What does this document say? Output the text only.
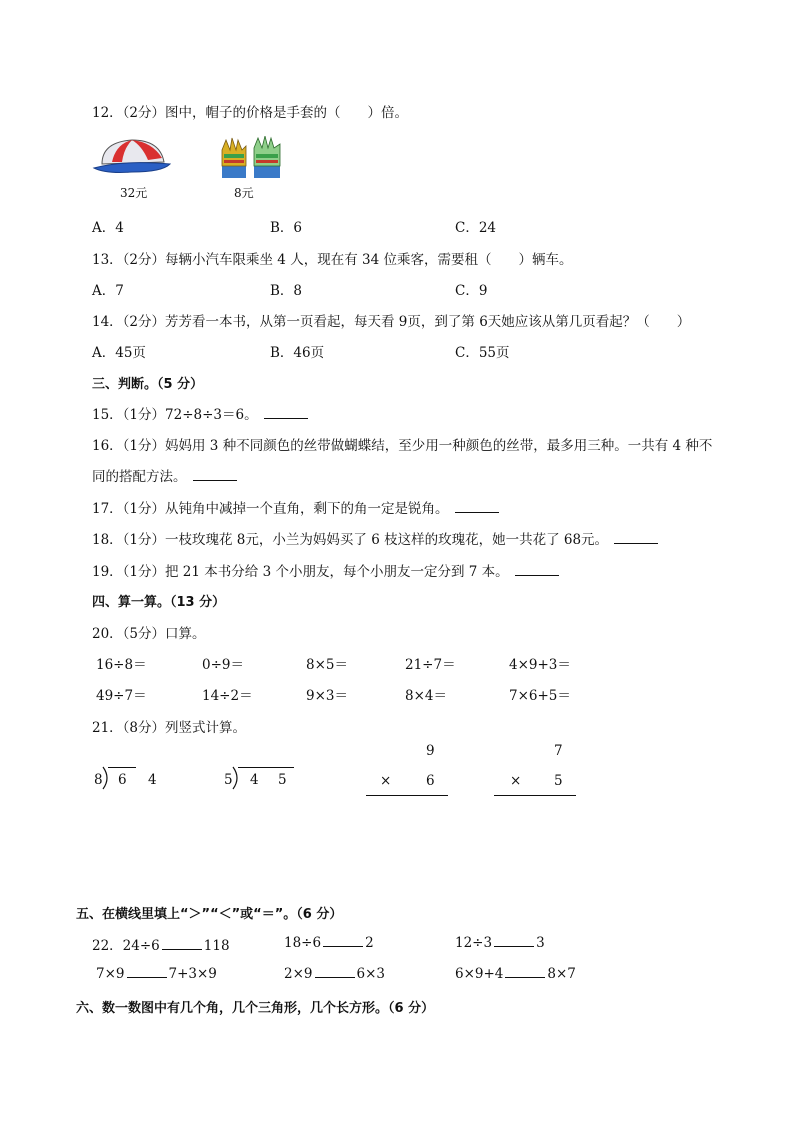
12．（2分）图中，帽子的价格是手套的（　　）倍。
32元	8元
A．4	B．6	C．24
13．（2分）每辆小汽车限乘坐 4 人，现在有 34 位乘客，需要租（　　）辆车。
A．7	B．8	C．9
14．（2分）芳芳看一本书，从第一页看起，每天看 9页，到了第 6天她应该从第几页看起？（　　）
A．45页	B．46页	C．55页
三、判断。（5 分）
15．（1分）72÷8÷3＝6。
16．（1分）妈妈用 3 种不同颜色的丝带做蝴蝶结，至少用一种颜色的丝带，最多用三种。一共有 4 种不
同的搭配方法。
17．（1分）从钝角中减掉一个直角，剩下的角一定是锐角。
18．（1分）一枝玫瑰花 8元，小兰为妈妈买了 6 枝这样的玫瑰花，她一共花了 68元。
19．（1分）把 21 本书分给 3 个小朋友，每个小朋友一定分到 7 本。
四、算一算。（13 分）
20．（5分）口算。
16÷8＝	0÷9＝	8×5＝	21÷7＝	4×9+3＝
49÷7＝	14÷2＝	9×3＝	8×4＝	7×6+5＝
21．（8分）列竖式计算。
8 6 4	5 4 5
9
×	6
7
× 5
五、在横线里填上“＞”“＜”或“＝”。（6 分）
22．24÷6	118	18÷6	2	12÷3	3
7×9	7+3×9	2×9	6×3	6×9+4	8×7
六、数一数图中有几个角，几个三角形，几个长方形。（6 分）
